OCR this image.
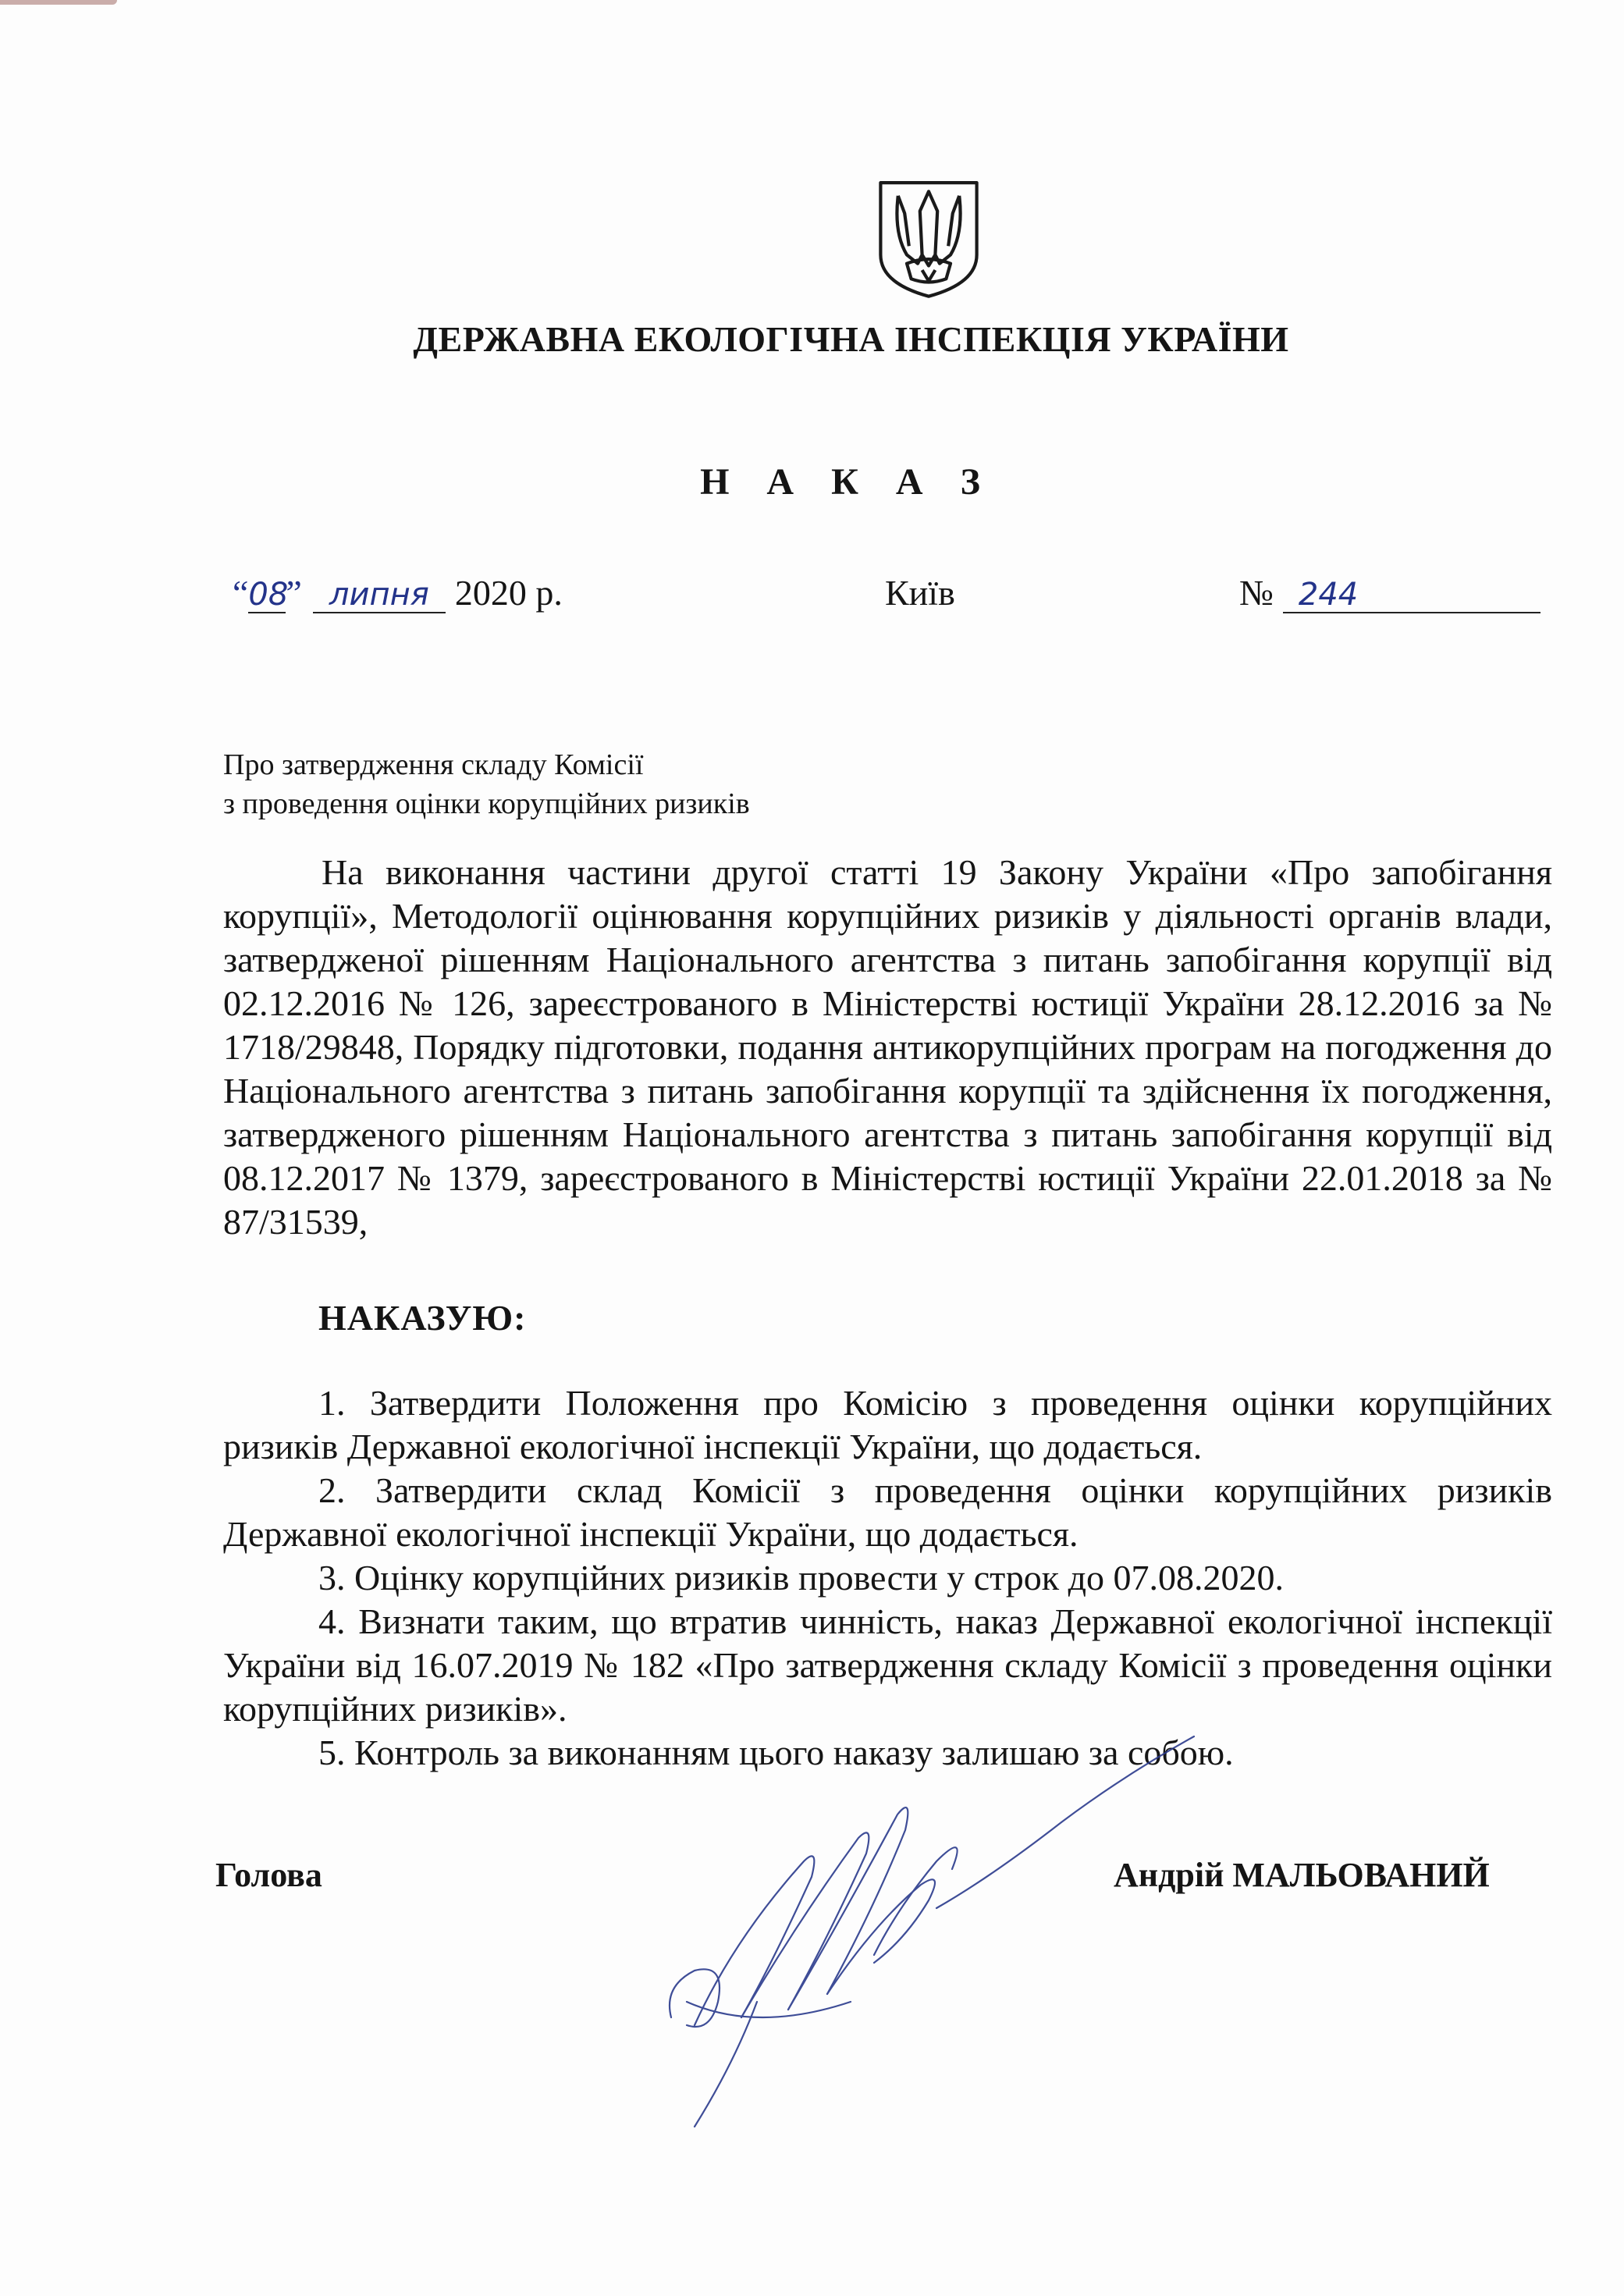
ДЕРЖАВНА ЕКОЛОГІЧНА ІНСПЕКЦІЯ УКРАЇНИ
Н А К А З
“08” липня 2020 р.	Київ	№ 244
Про затвердження складу Комісії
з проведення оцінки корупційних ризиків
На виконання частини другої статті 19 Закону України «Про запобігання корупції», Методології оцінювання корупційних ризиків у діяльності органів влади, затвердженої рішенням Національного агентства з питань запобігання корупції від 02.12.2016 № 126, зареєстрованого в Міністерстві юстиції України 28.12.2016 за № 1718/29848, Порядку підготовки, подання антикорупційних програм на погодження до Національного агентства з питань запобігання корупції та здійснення їх погодження, затвердженого рішенням Національного агентства з питань запобігання корупції від 08.12.2017 № 1379, зареєстрованого в Міністерстві юстиції України 22.01.2018 за № 87/31539,
НАКАЗУЮ:

1. Затвердити Положення про Комісію з проведення оцінки корупційних ризиків Державної екологічної інспекції України, що додається.

2. Затвердити склад Комісії з проведення оцінки корупційних ризиків Державної екологічної інспекції України, що додається.

3. Оцінку корупційних ризиків провести у строк до 07.08.2020.

4. Визнати таким, що втратив чинність, наказ Державної екологічної інспекції України від 16.07.2019 № 182 «Про затвердження складу Комісії з проведення оцінки корупційних ризиків».

5. Контроль за виконанням цього наказу залишаю за собою.

Голова	Андрій МАЛЬОВАНИЙ
